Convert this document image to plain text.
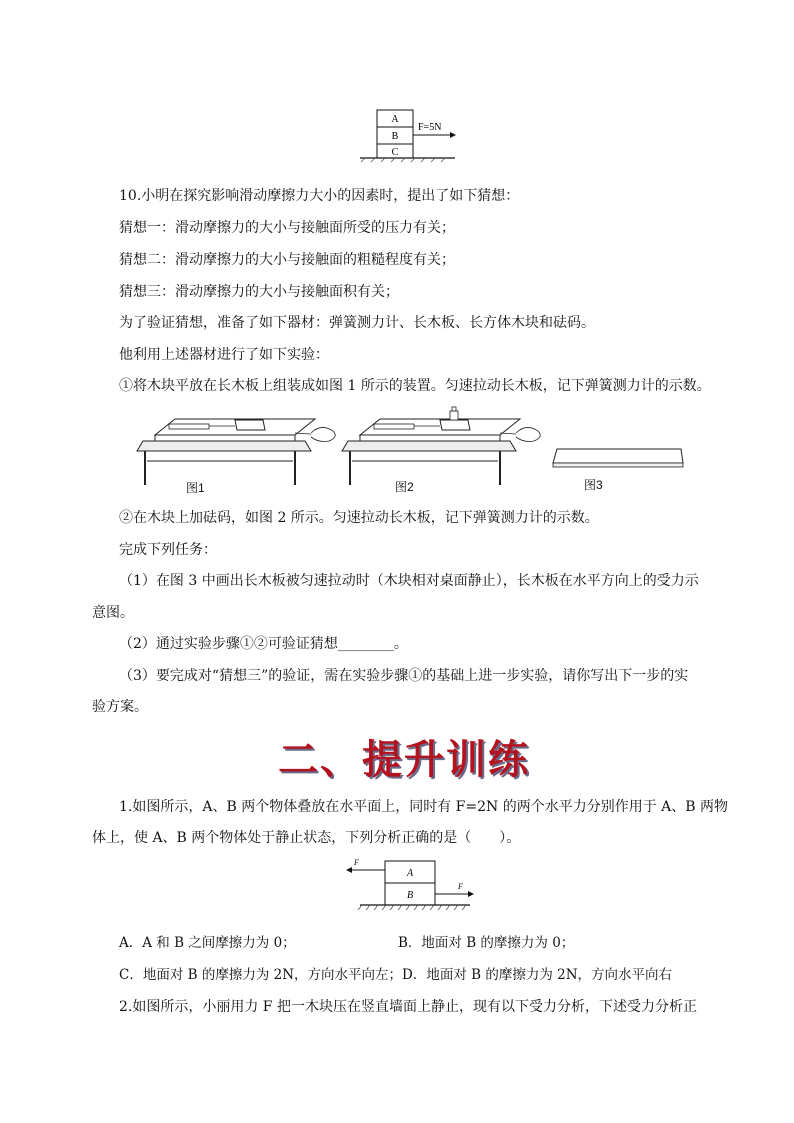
A
B
C
F=5N
10.小明在探究影响滑动摩擦力大小的因素时，提出了如下猜想：
猜想一：滑动摩擦力的大小与接触面所受的压力有关；
猜想二：滑动摩擦力的大小与接触面的粗糙程度有关；
猜想三：滑动摩擦力的大小与接触面积有关；
为了验证猜想，准备了如下器材：弹簧测力计、长木板、长方体木块和砝码。
他利用上述器材进行了如下实验：
①将木块平放在长木板上组装成如图 1 所示的装置。匀速拉动长木板，记下弹簧测力计的示数。
图1	图2	图3
②在木块上加砝码，如图 2 所示。匀速拉动长木板，记下弹簧测力计的示数。
完成下列任务：
（1）在图 3 中画出长木板被匀速拉动时（木块相对桌面静止），长木板在水平方向上的受力示
意图。
（2）通过实验步骤①②可验证猜想________。
（3）要完成对“猜想三”的验证，需在实验步骤①的基础上进一步实验，请你写出下一步的实
验方案。
二、提升训练
1.如图所示，A、B 两个物体叠放在水平面上，同时有 F=2N 的两个水平力分别作用于 A、B 两物
体上，使 A、B 两个物体处于静止状态，下列分析正确的是（　　）。
A
B
F
F
A．A 和 B 之间摩擦力为 0；	B．地面对 B 的摩擦力为 0；
C．地面对 B 的摩擦力为 2N，方向水平向左；D．地面对 B 的摩擦力为 2N，方向水平向右
2.如图所示，小丽用力 F 把一木块压在竖直墙面上静止，现有以下受力分析，下述受力分析正
